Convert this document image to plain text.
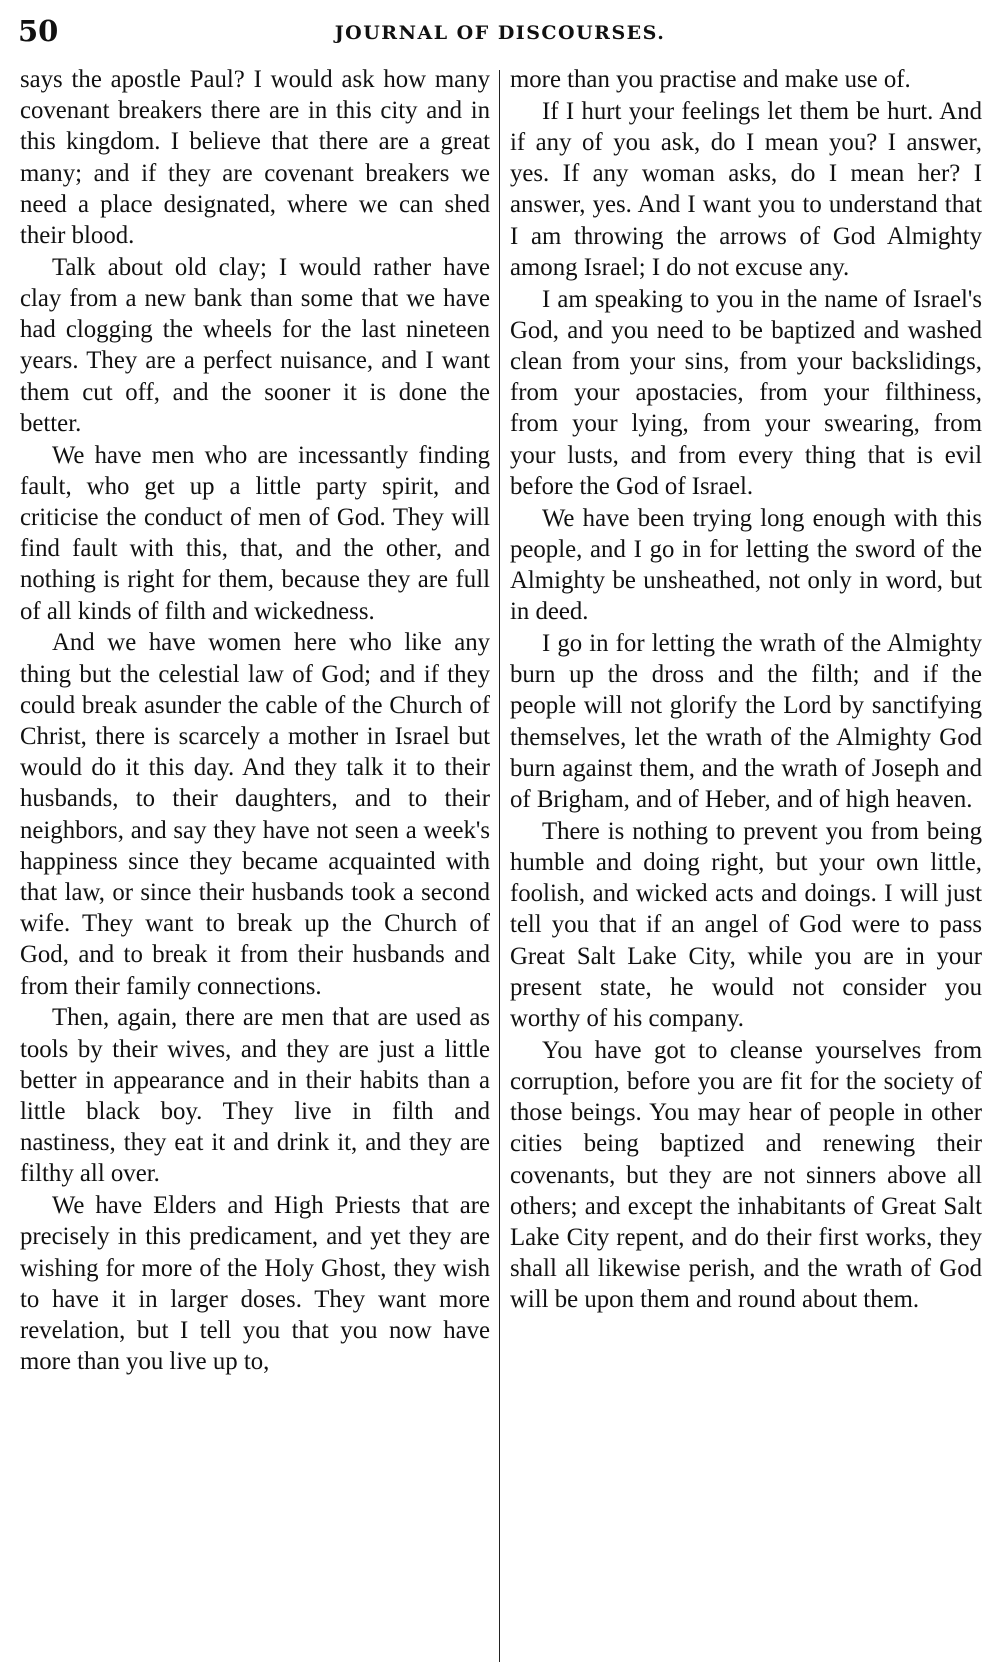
50	JOURNAL OF DISCOURSES.

says the apostle Paul? I would ask how many covenant breakers there are in this city and in this kingdom. I believe that there are a great many; and if they are covenant breakers we need a place designated, where we can shed their blood.

Talk about old clay; I would rather have clay from a new bank than some that we have had clogging the wheels for the last nineteen years. They are a perfect nuisance, and I want them cut off, and the sooner it is done the better.

We have men who are incessantly finding fault, who get up a little party spirit, and criticise the conduct of men of God. They will find fault with this, that, and the other, and nothing is right for them, because they are full of all kinds of filth and wickedness.

And we have women here who like any thing but the celestial law of God; and if they could break asunder the cable of the Church of Christ, there is scarcely a mother in Israel but would do it this day. And they talk it to their husbands, to their daughters, and to their neighbors, and say they have not seen a week's happiness since they became acquainted with that law, or since their husbands took a second wife. They want to break up the Church of God, and to break it from their husbands and from their family connections.

Then, again, there are men that are used as tools by their wives, and they are just a little better in appearance and in their habits than a little black boy. They live in filth and nastiness, they eat it and drink it, and they are filthy all over.

We have Elders and High Priests that are precisely in this predicament, and yet they are wishing for more of the Holy Ghost, they wish to have it in larger doses. They want more revelation, but I tell you that you now have more than you live up to,

more than you practise and make use of.

If I hurt your feelings let them be hurt. And if any of you ask, do I mean you? I answer, yes. If any woman asks, do I mean her? I answer, yes. And I want you to understand that I am throwing the arrows of God Almighty among Israel; I do not excuse any.

I am speaking to you in the name of Israel's God, and you need to be baptized and washed clean from your sins, from your backslidings, from your apostacies, from your filthiness, from your lying, from your swearing, from your lusts, and from every thing that is evil before the God of Israel.

We have been trying long enough with this people, and I go in for letting the sword of the Almighty be unsheathed, not only in word, but in deed.

I go in for letting the wrath of the Almighty burn up the dross and the filth; and if the people will not glorify the Lord by sanctifying themselves, let the wrath of the Almighty God burn against them, and the wrath of Joseph and of Brigham, and of Heber, and of high heaven.

There is nothing to prevent you from being humble and doing right, but your own little, foolish, and wicked acts and doings. I will just tell you that if an angel of God were to pass Great Salt Lake City, while you are in your present state, he would not consider you worthy of his company.

You have got to cleanse yourselves from corruption, before you are fit for the society of those beings. You may hear of people in other cities being baptized and renewing their covenants, but they are not sinners above all others; and except the inhabitants of Great Salt Lake City repent, and do their first works, they shall all likewise perish, and the wrath of God will be upon them and round about them.
